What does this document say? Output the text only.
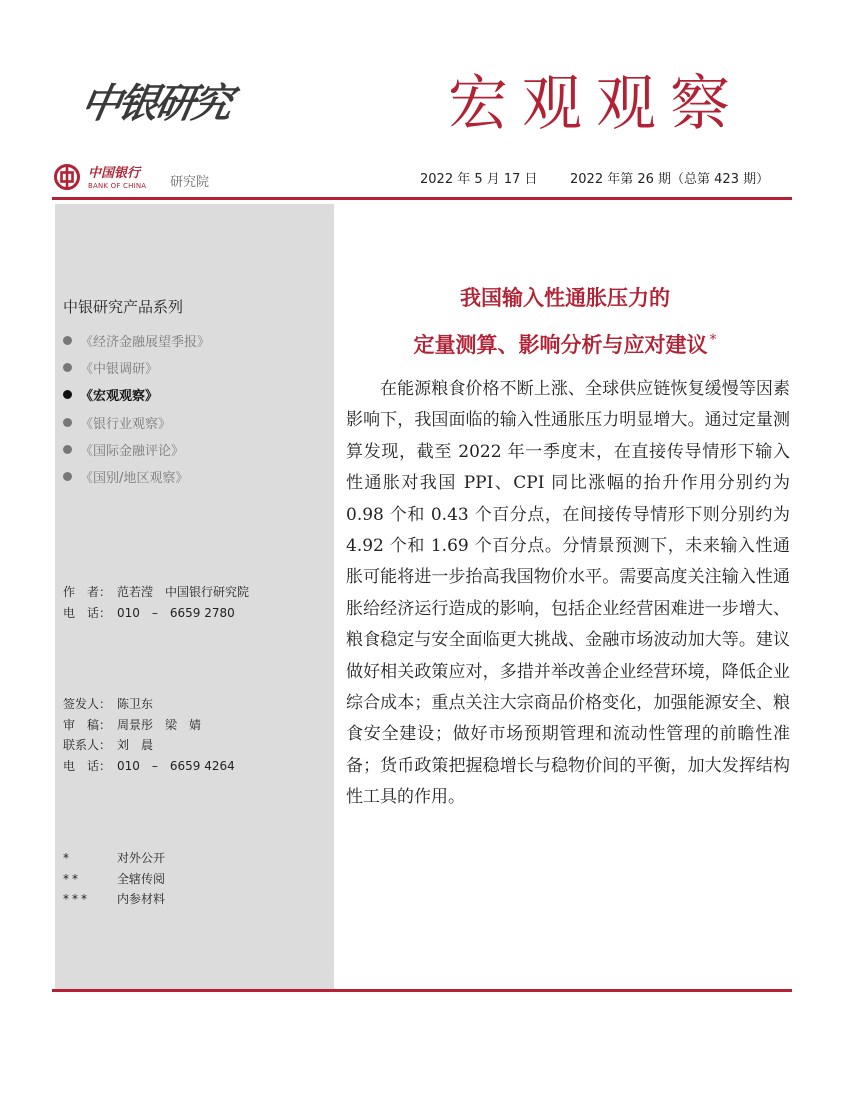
中银研究	宏观观察
中国银行
BANK OF CHINA 研究院	2022 年 5 月 17 日 2022 年第 26 期（总第 423 期）
中银研究产品系列
《经济金融展望季报》
《中银调研》
《宏观观察》
《银行业观察》
《国际金融评论》
《国别/地区观察》
作　者： 范若滢　中国银行研究院
电　话： 010　–　6659 2780
签发人： 陈卫东
审　稿： 周景彤　梁　婧
联系人： 刘　晨
电　话： 010　–　6659 4264
*	对外公开
**	全辖传阅
*** 内参材料
我国输入性通胀压力的
定量测算、影响分析与应对建议 *

在能源粮食价格不断上涨、全球供应链恢复缓慢等因素影响下，我国面临的输入性通胀压力明显增大。通过定量测算发现，截至 2022 年一季度末，在直接传导情形下输入性通胀对我国 PPI、CPI 同比涨幅的抬升作用分别约为 0.98 个和 0.43 个百分点，在间接传导情形下则分别约为 4.92 个和 1.69 个百分点。分情景预测下，未来输入性通胀可能将进一步抬高我国物价水平。需要高度关注输入性通胀给经济运行造成的影响，包括企业经营困难进一步增大、粮食稳定与安全面临更大挑战、金融市场波动加大等。建议做好相关政策应对，多措并举改善企业经营环境，降低企业综合成本；重点关注大宗商品价格变化，加强能源安全、粮食安全建设；做好市场预期管理和流动性管理的前瞻性准备；货币政策把握稳增长与稳物价间的平衡，加大发挥结构性工具的作用。
